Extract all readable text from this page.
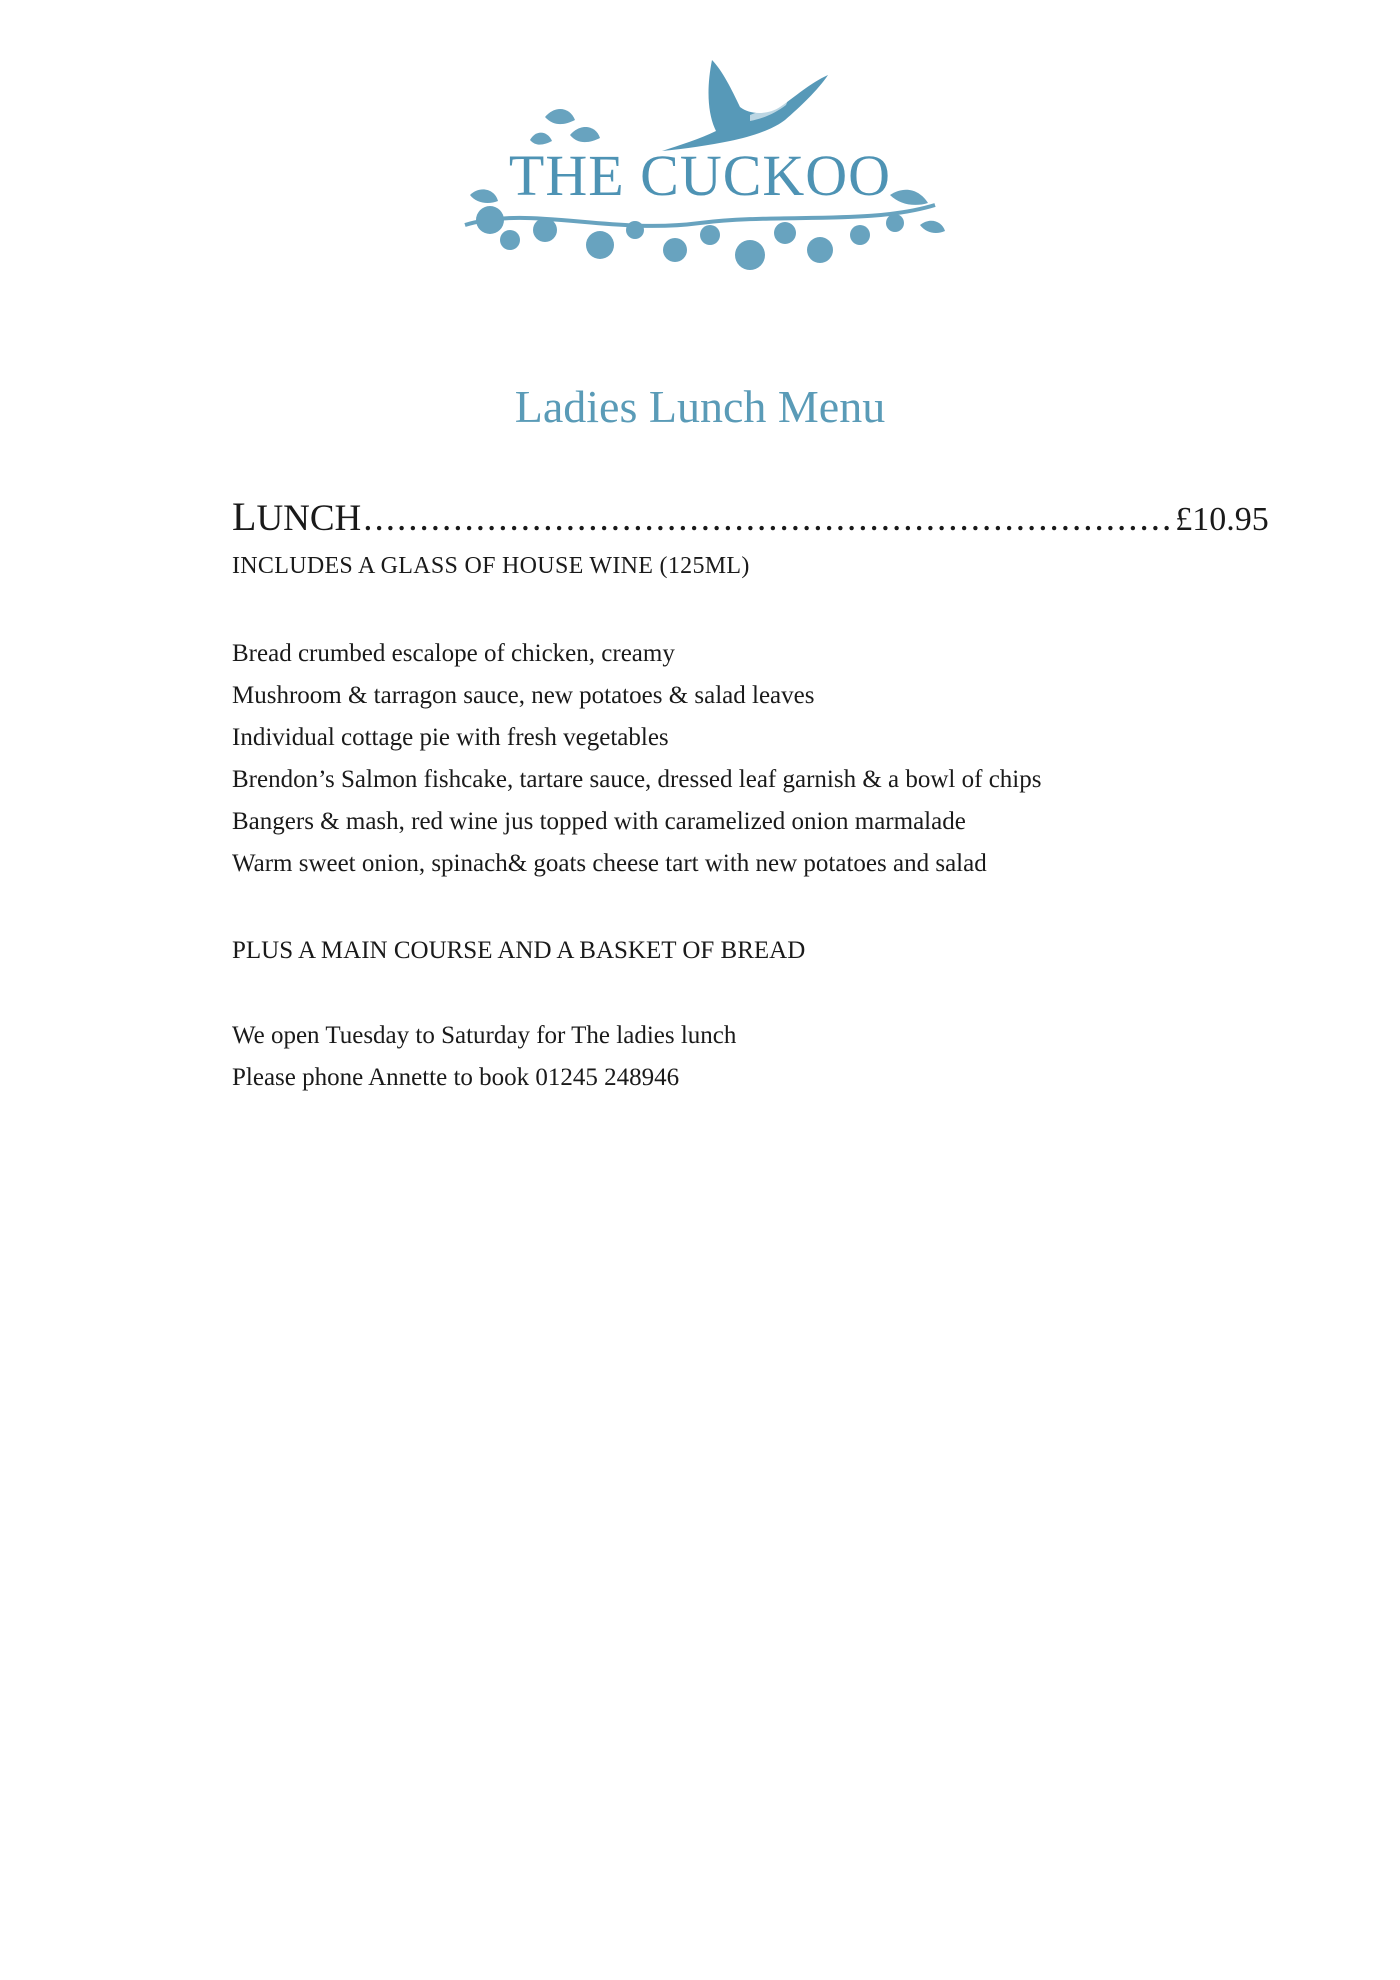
THE CUCKOO
Ladies Lunch Menu
LUNCH ........................................................................ £10.95
INCLUDES A GLASS OF HOUSE WINE (125ML)
Bread crumbed escalope of chicken, creamy
Mushroom & tarragon sauce, new potatoes & salad leaves
Individual cottage pie with fresh vegetables
Brendon’s Salmon fishcake, tartare sauce, dressed leaf garnish & a bowl of chips
Bangers & mash, red wine jus topped with caramelized onion marmalade
Warm sweet onion, spinach& goats cheese tart with new potatoes and salad
PLUS A MAIN COURSE AND A BASKET OF BREAD
We open Tuesday to Saturday for The ladies lunch
Please phone Annette to book 01245 248946
